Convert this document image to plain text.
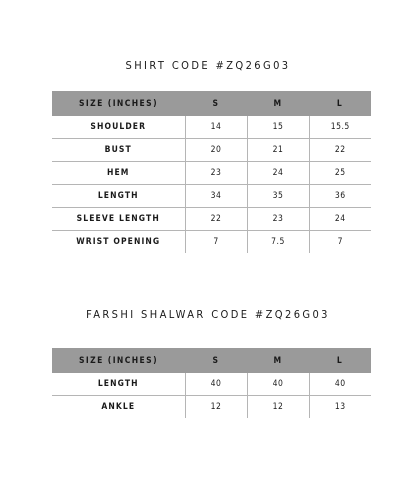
SHIRT CODE #ZQ26G03
SIZE (INCHES)	S	M	L
SHOULDER	14	15	15.5
BUST	20	21	22
HEM	23	24	25
LENGTH	34	35	36
SLEEVE LENGTH	22	23	24
WRIST OPENING	7	7.5	7
FARSHI SHALWAR CODE #ZQ26G03
SIZE (INCHES)	S	M	L
LENGTH	40	40	40
ANKLE	12	12	13
